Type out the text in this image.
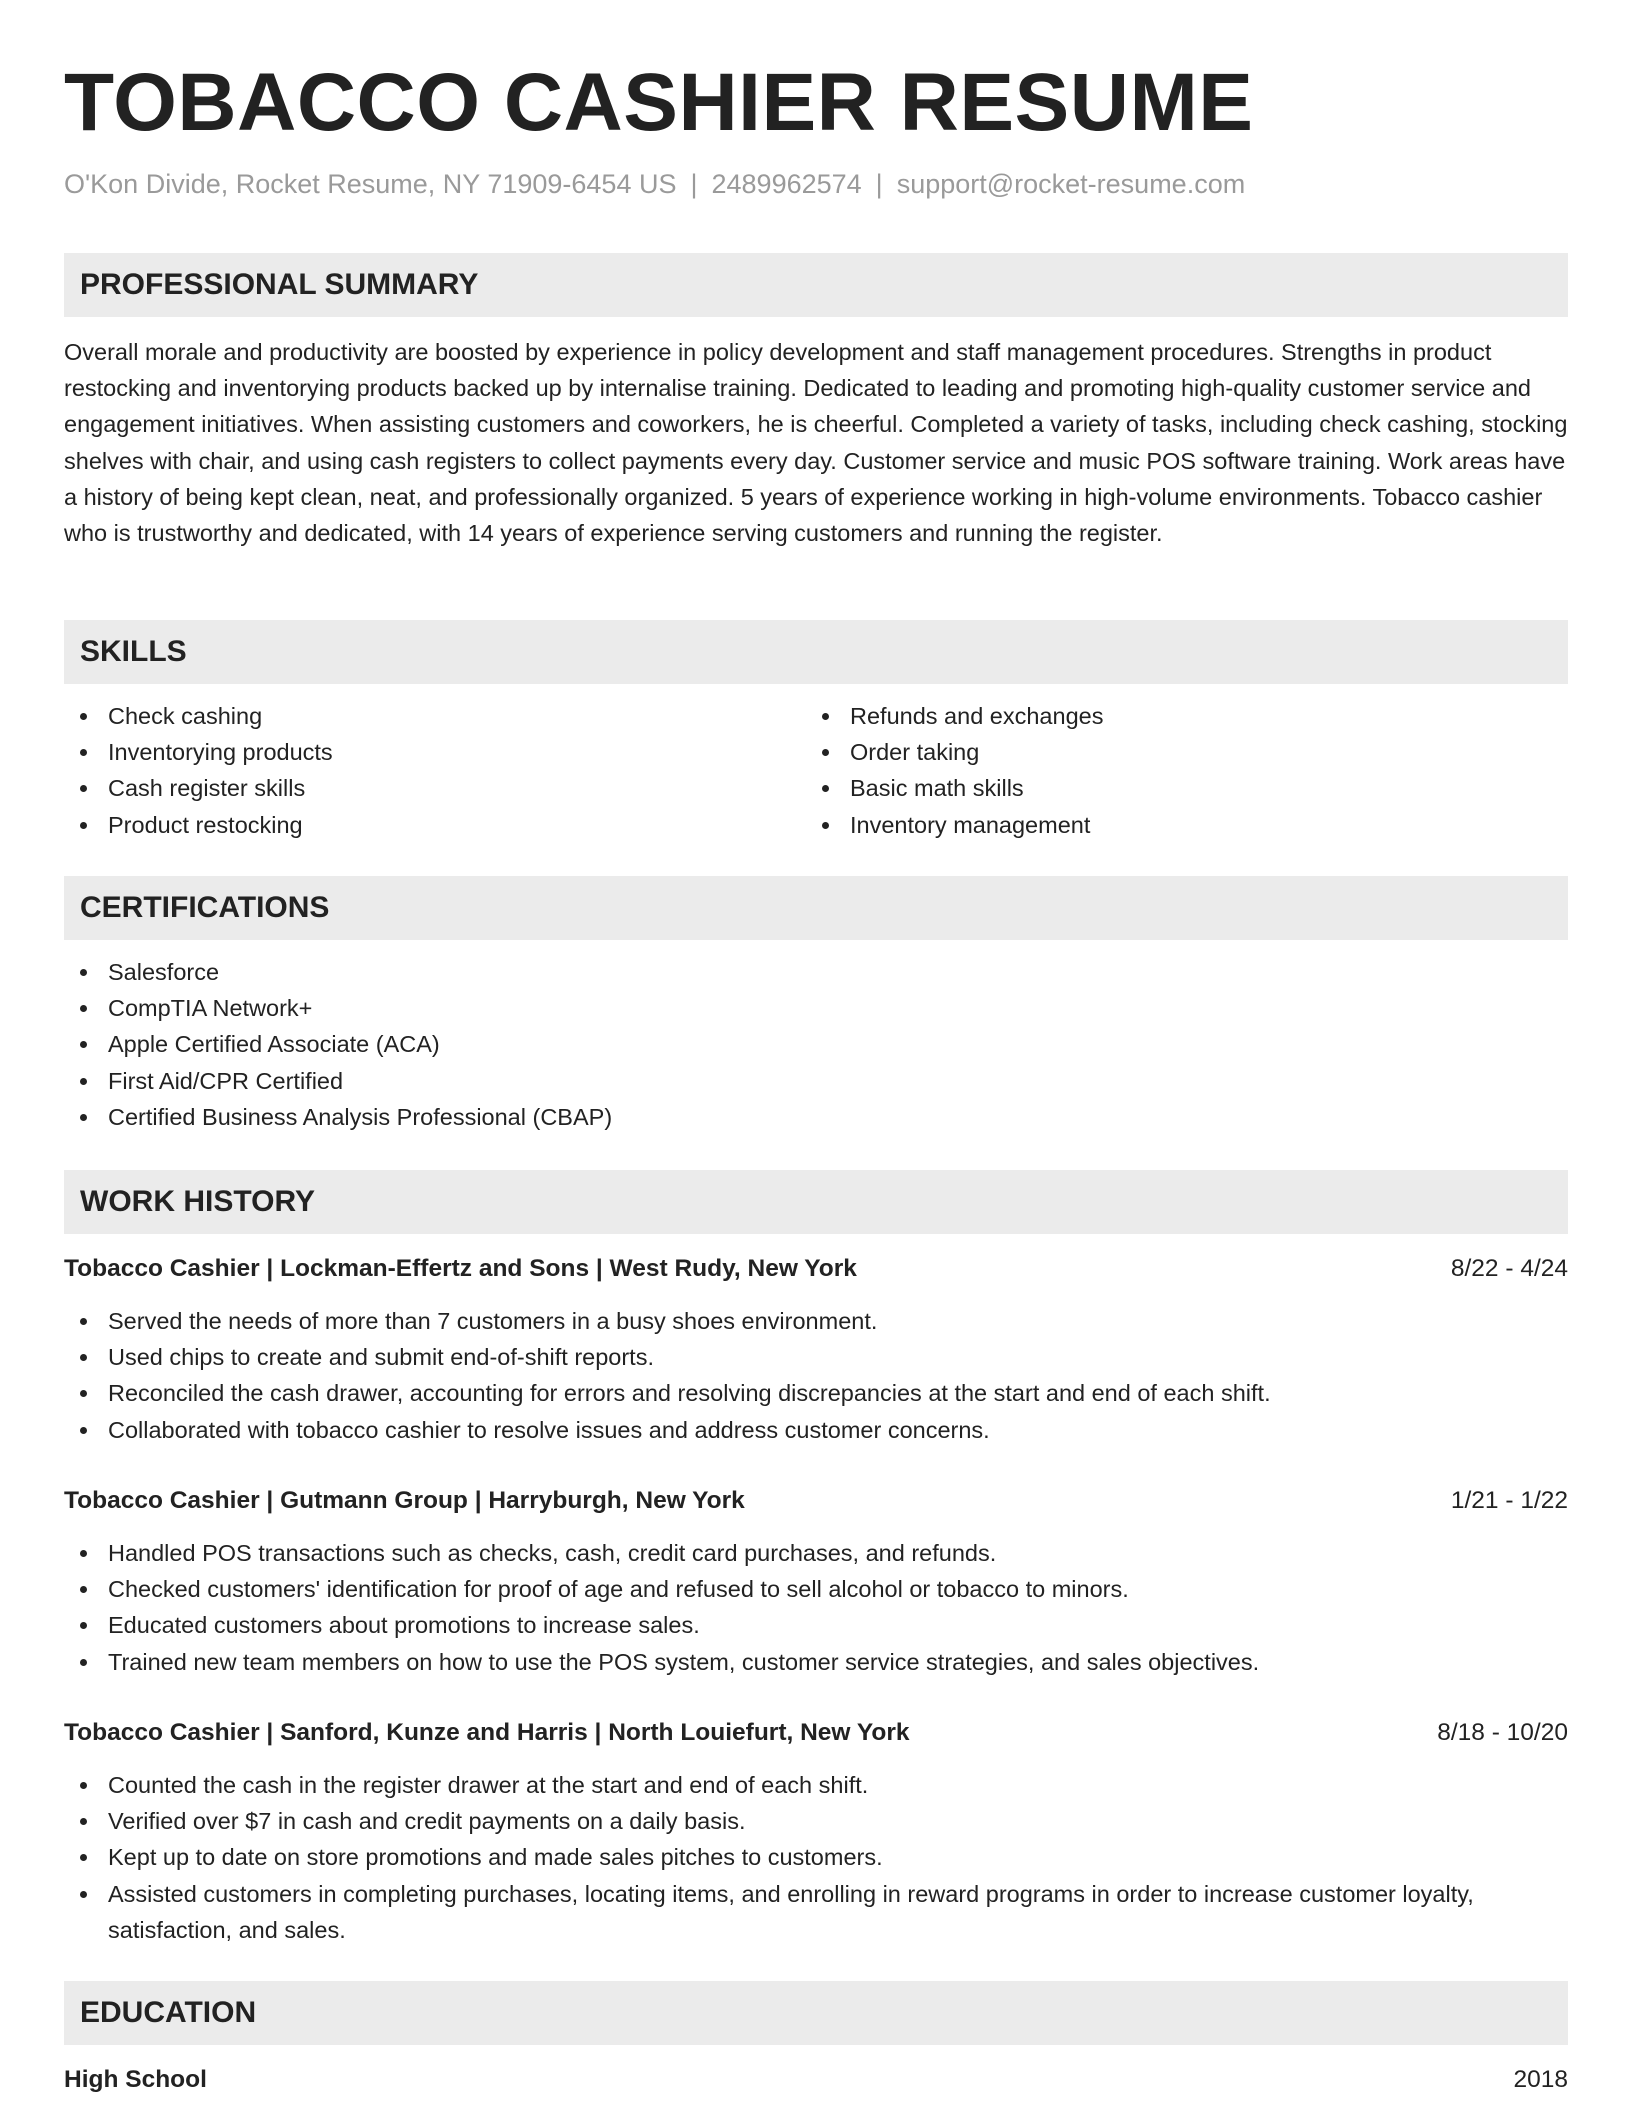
TOBACCO CASHIER RESUME
O'Kon Divide, Rocket Resume, NY 71909-6454 US | 2489962574 | support@rocket-resume.com
PROFESSIONAL SUMMARY

Overall morale and productivity are boosted by experience in policy development and staff management procedures. Strengths in product restocking and inventorying products backed up by internalise training. Dedicated to leading and promoting high-quality customer service and engagement initiatives. When assisting customers and coworkers, he is cheerful. Completed a variety of tasks, including check cashing, stocking shelves with chair, and using cash registers to collect payments every day. Customer service and music POS software training. Work areas have a history of being kept clean, neat, and professionally organized. 5 years of experience working in high-volume environments. Tobacco cashier who is trustworthy and dedicated, with 14 years of experience serving customers and running the register.

SKILLS
Check cashing
Inventorying products
Cash register skills
Product restocking
Refunds and exchanges
Order taking
Basic math skills
Inventory management
CERTIFICATIONS
Salesforce
CompTIA Network+
Apple Certified Associate (ACA)
First Aid/CPR Certified
Certified Business Analysis Professional (CBAP)
WORK HISTORY
Tobacco Cashier | Lockman-Effertz and Sons | West Rudy, New York	8/22 - 4/24
Served the needs of more than 7 customers in a busy shoes environment.
Used chips to create and submit end-of-shift reports.
Reconciled the cash drawer, accounting for errors and resolving discrepancies at the start and end of each shift.
Collaborated with tobacco cashier to resolve issues and address customer concerns.
Tobacco Cashier | Gutmann Group | Harryburgh, New York	1/21 - 1/22
Handled POS transactions such as checks, cash, credit card purchases, and refunds.
Checked customers' identification for proof of age and refused to sell alcohol or tobacco to minors.
Educated customers about promotions to increase sales.
Trained new team members on how to use the POS system, customer service strategies, and sales objectives.
Tobacco Cashier | Sanford, Kunze and Harris | North Louiefurt, New York	8/18 - 10/20
Counted the cash in the register drawer at the start and end of each shift.
Verified over $7 in cash and credit payments on a daily basis.
Kept up to date on store promotions and made sales pitches to customers.
Assisted customers in completing purchases, locating items, and enrolling in reward programs in order to increase customer loyalty, satisfaction, and sales.
EDUCATION
High School	2018
